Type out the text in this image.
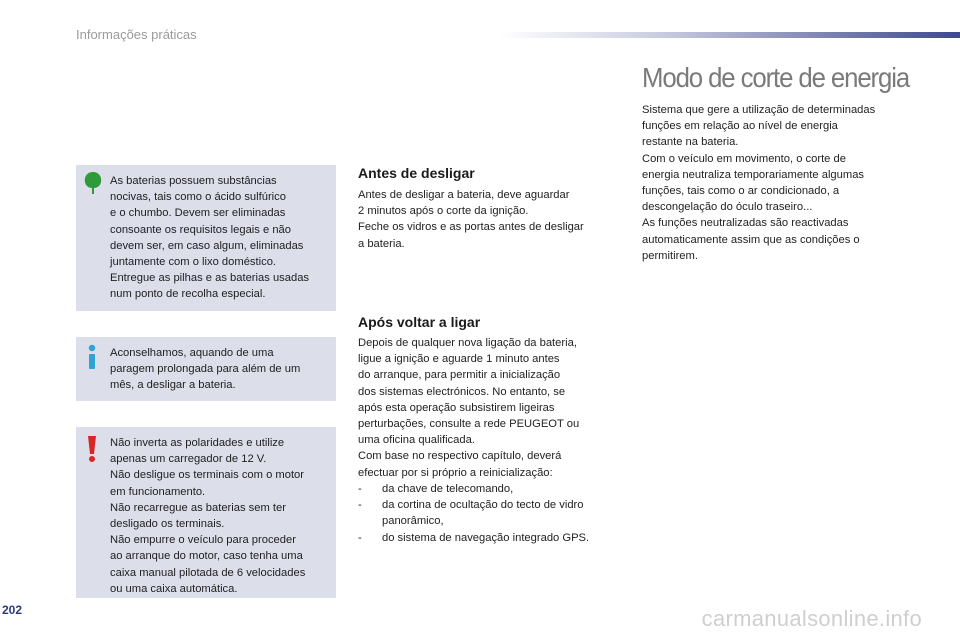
Informações práticas
As baterias possuem substâncias
nocivas, tais como o ácido sulfúrico
e o chumbo. Devem ser eliminadas
consoante os requisitos legais e não
devem ser, em caso algum, eliminadas
juntamente com o lixo doméstico.
Entregue as pilhas e as baterias usadas
num ponto de recolha especial.
Aconselhamos, aquando de uma
paragem prolongada para além de um
mês, a desligar a bateria.
Não inverta as polaridades e utilize
apenas um carregador de 12 V.
Não desligue os terminais com o motor
em funcionamento.
Não recarregue as baterias sem ter
desligado os terminais.
Não empurre o veículo para proceder
ao arranque do motor, caso tenha uma
caixa manual pilotada de 6 velocidades
ou uma caixa automática.
Antes de desligar
Antes de desligar a bateria, deve aguardar
2 minutos após o corte da ignição.
Feche os vidros e as portas antes de desligar
a bateria.
Após voltar a ligar
Depois de qualquer nova ligação da bateria,
ligue a ignição e aguarde 1 minuto antes
do arranque, para permitir a inicialização
dos sistemas electrónicos. No entanto, se
após esta operação subsistirem ligeiras
perturbações, consulte a rede PEUGEOT ou
uma oficina qualificada.
Com base no respectivo capítulo, deverá
efectuar por si próprio a reinicialização:
-	da chave de telecomando,
-	da cortina de ocultação do tecto de vidro
panorâmico,
-	do sistema de navegação integrado GPS.
Modo de corte de energia
Sistema que gere a utilização de determinadas
funções em relação ao nível de energia
restante na bateria.
Com o veículo em movimento, o corte de
energia neutraliza temporariamente algumas
funções, tais como o ar condicionado, a
descongelação do óculo traseiro...
As funções neutralizadas são reactivadas
automaticamente assim que as condições o
permitirem.
202	carmanualsonline.info
